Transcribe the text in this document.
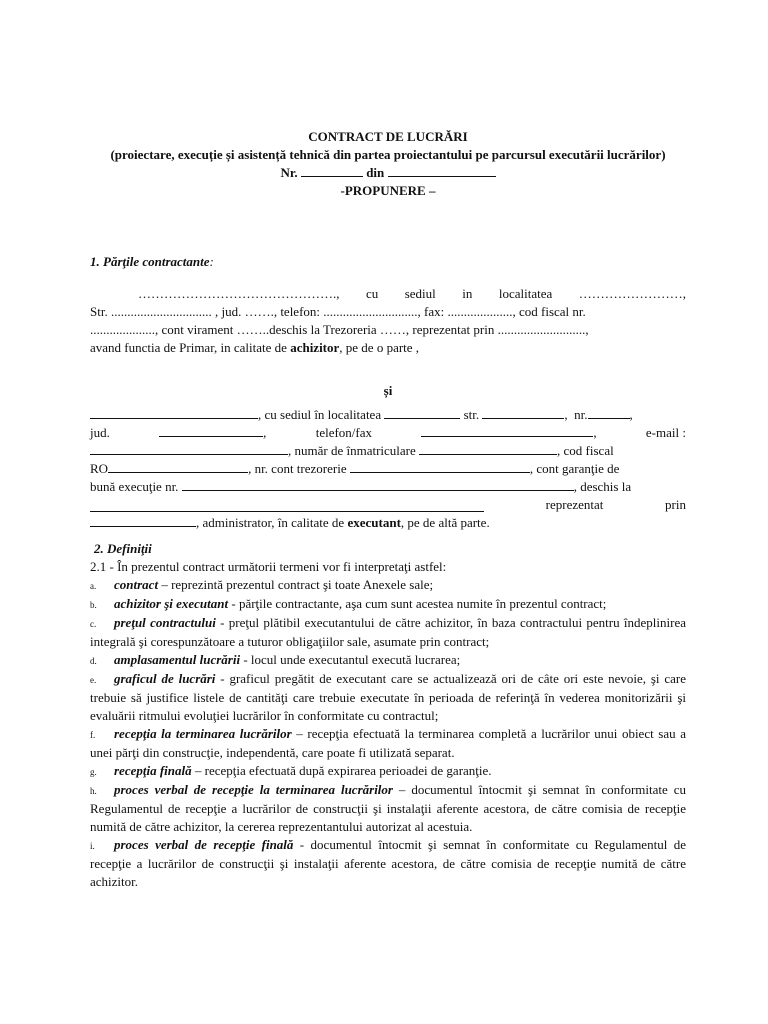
CONTRACT DE LUCRĂRI
(proiectare, execuție și asistență tehnică din partea proiectantului pe parcursul executării lucrărilor)
Nr.	din
-PROPUNERE –
1. Părţile contractante:
………………………………………., cu sediul in localitatea ……………………,
Str. ............................... , jud. ……., telefon: ............................., fax: ...................., cod fiscal nr.
...................., cont virament ……..deschis la Trezoreria ……, reprezentat prin ...........................,
avand functia de Primar, in calitate de achizitor, pe de o parte ,
și
, cu sediul în localitatea	str.	,  nr.	,
jud.	,	telefon/fax	,	e-mail :
, număr de înmatriculare	, cod fiscal
RO	, nr. cont trezorerie	, cont garanţie de
bună execuţie nr.	, deschis la
reprezentat	prin
, administrator, în calitate de executant, pe de altă parte.
2. Definiţii
2.1 - În prezentul contract următorii termeni vor fi interpretaţi astfel:

a. contract – reprezintă prezentul contract şi toate Anexele sale;

b. achizitor şi executant - părţile contractante, aşa cum sunt acestea numite în prezentul contract;

c. preţul contractului - preţul plătibil executantului de către achizitor, în baza contractului pentru îndeplinirea integrală şi corespunzătoare a tuturor obligaţiilor sale, asumate prin contract;

d. amplasamentul lucrării - locul unde executantul execută lucrarea;

e. graficul de lucrări - graficul pregătit de executant care se actualizează ori de câte ori este nevoie, şi care trebuie să justifice listele de cantităţi care trebuie executate în perioada de referinţă în vederea monitorizării şi evaluării ritmului evoluţiei lucrărilor în conformitate cu contractul;

f. recepţia la terminarea lucrărilor – recepţia efectuată la terminarea completă a lucrărilor unui obiect sau a unei părţi din construcţie, independentă, care poate fi utilizată separat.

g. recepţia finală – recepţia efectuată după expirarea perioadei de garanţie.

h. proces verbal de recepţie la terminarea lucrărilor – documentul întocmit şi semnat în conformitate cu Regulamentul de recepţie a lucrărilor de construcţii şi instalaţii aferente acestora, de către comisia de recepţie numită de către achizitor, la cererea reprezentantului autorizat al acestuia.

i. proces verbal de recepţie finală - documentul întocmit şi semnat în conformitate cu Regulamentul de recepţie a lucrărilor de construcţii şi instalaţii aferente acestora, de către comisia de recepţie numită de către achizitor.
